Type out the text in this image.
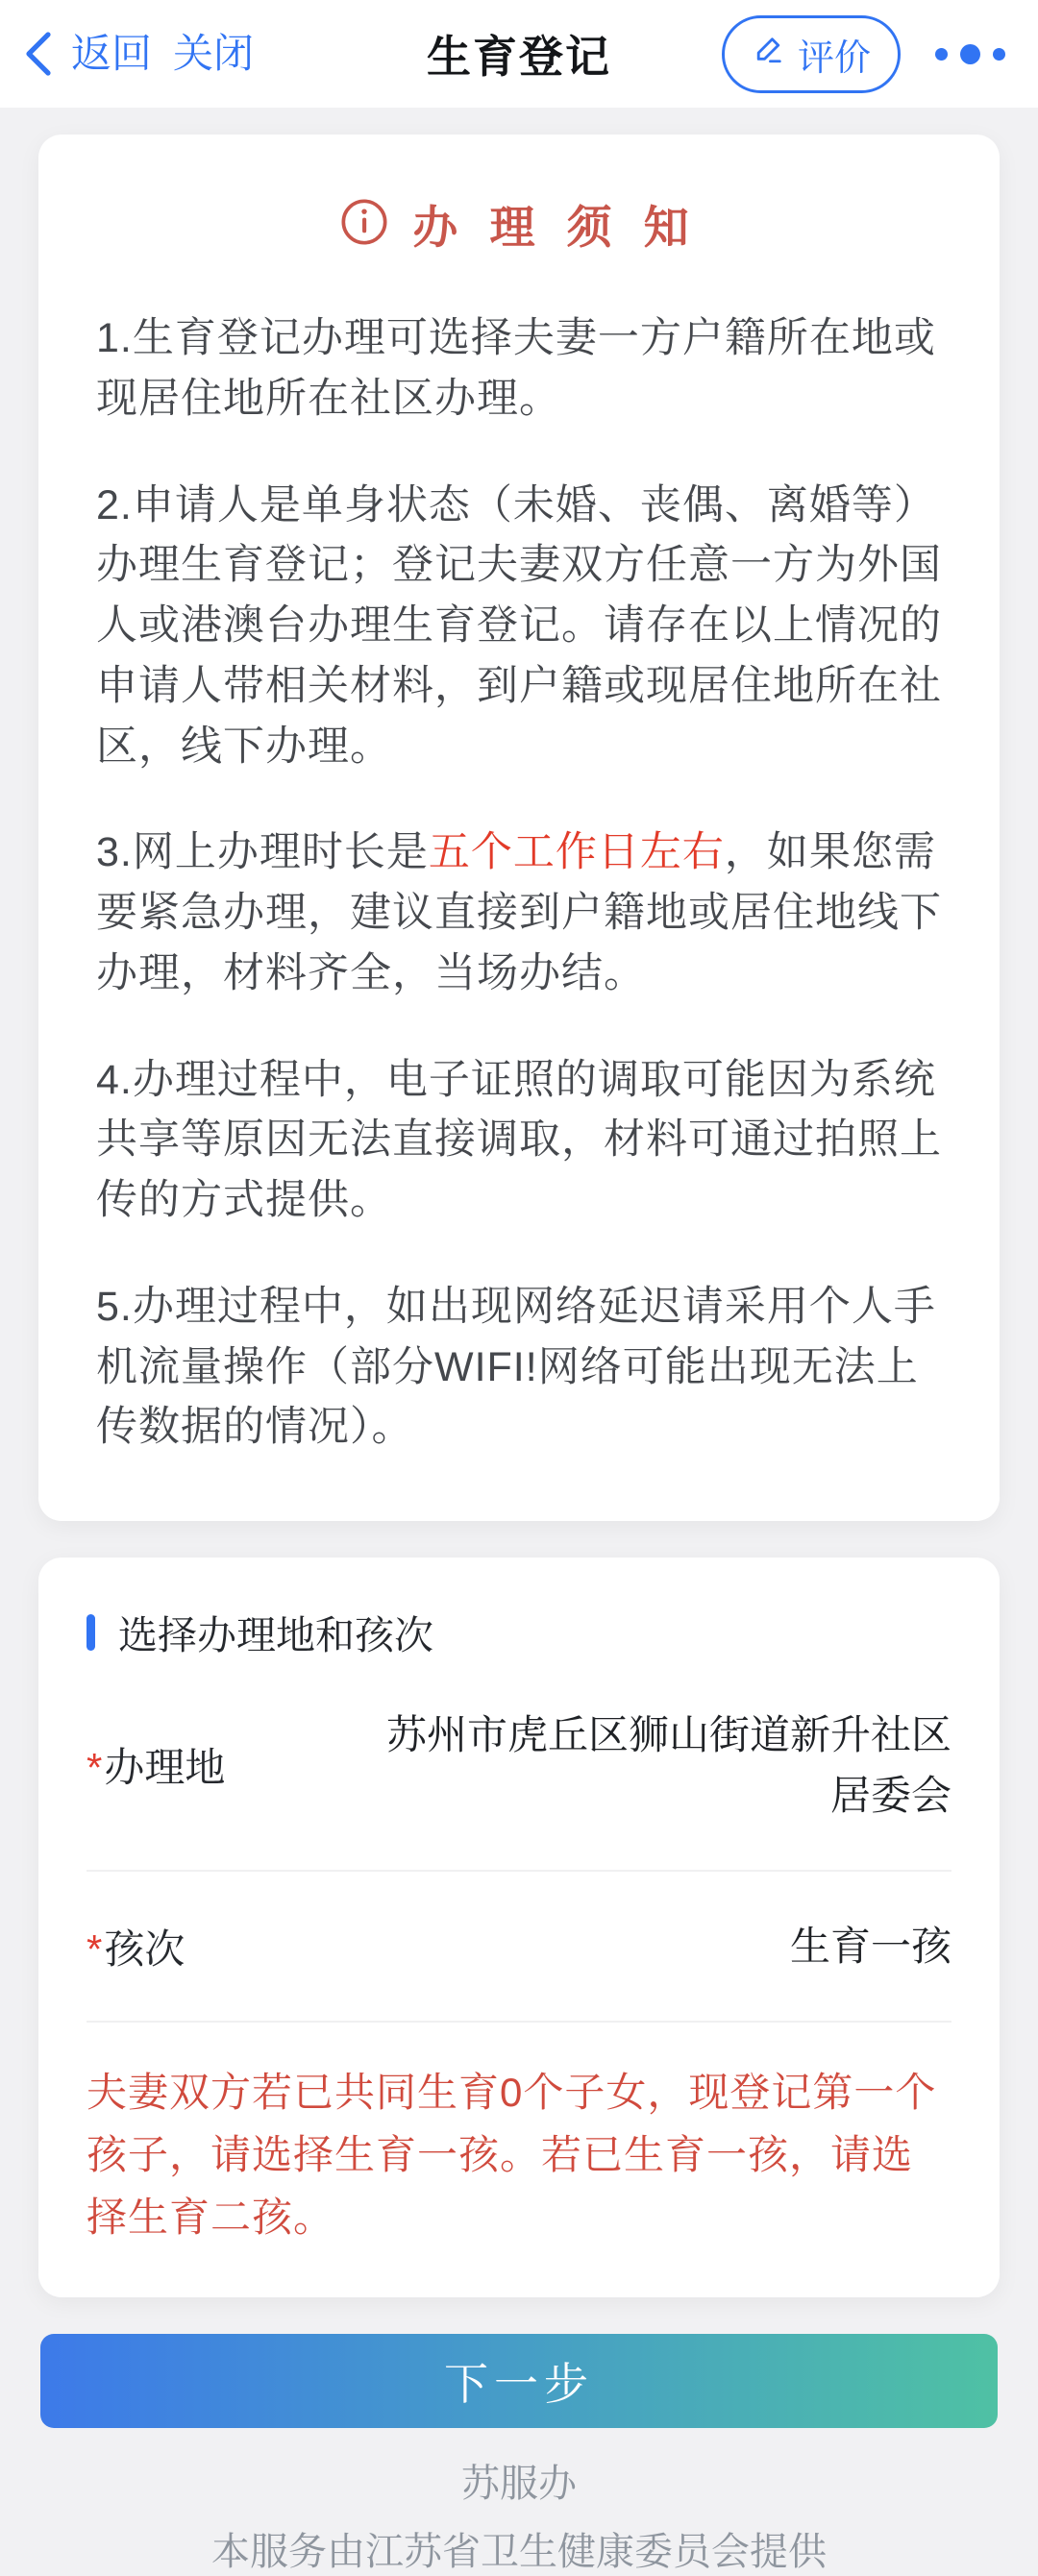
返回 关闭	生育登记	评价
办 理 须 知

1.生育登记办理可选择夫妻一方户籍所在地或现居住地所在社区办理。

2.申请人是单身状态（未婚、丧偶、离婚等）办理生育登记；登记夫妻双方任意一方为外国人或港澳台办理生育登记。请存在以上情况的申请人带相关材料，到户籍或现居住地所在社区，线下办理。

3.网上办理时长是五个工作日左右，如果您需要紧急办理，建议直接到户籍地或居住地线下办理，材料齐全，当场办结。

4.办理过程中，电子证照的调取可能因为系统共享等原因无法直接调取，材料可通过拍照上传的方式提供。

5.办理过程中，如出现网络延迟请采用个人手机流量操作（部分WIFI!网络可能出现无法上传数据的情况）。

选择办理地和孩次
*办理地
苏州市虎丘区狮山街道新升社区居委会
*孩次	生育一孩
夫妻双方若已共同生育0个子女，现登记第一个孩子，请选择生育一孩。若已生育一孩，请选择生育二孩。
下一步
苏服办
本服务由江苏省卫生健康委员会提供
